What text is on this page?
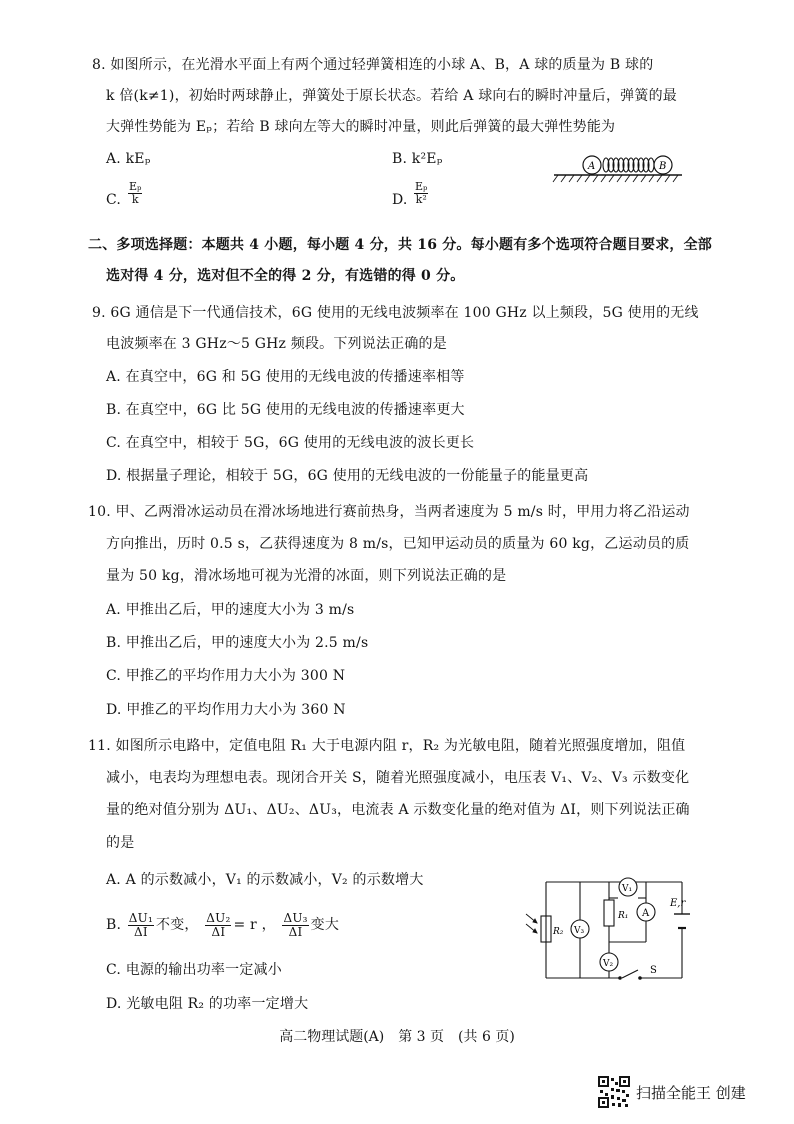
8. 如图所示，在光滑水平面上有两个通过轻弹簧相连的小球 A、B，A 球的质量为 B 球的
k 倍(k≠1)，初始时两球静止，弹簧处于原长状态。若给 A 球向右的瞬时冲量后，弹簧的最
大弹性势能为 Eₚ；若给 B 球向左等大的瞬时冲量，则此后弹簧的最大弹性势能为
A. kEₚ	B. k²Eₚ
C. $\frac{\text{Eₚ}}{k}$	D. $\frac{\text{Eₚ}}{\text{k²}}$
A	B
二、多项选择题：本题共 4 小题，每小题 4 分，共 16 分。每小题有多个选项符合题目要求，全部
选对得 4 分，选对但不全的得 2 分，有选错的得 0 分。
9. 6G 通信是下一代通信技术，6G 使用的无线电波频率在 100 GHz 以上频段，5G 使用的无线
电波频率在 3 GHz～5 GHz 频段。下列说法正确的是
A. 在真空中，6G 和 5G 使用的无线电波的传播速率相等
B. 在真空中，6G 比 5G 使用的无线电波的传播速率更大
C. 在真空中，相较于 5G，6G 使用的无线电波的波长更长
D. 根据量子理论，相较于 5G，6G 使用的无线电波的一份能量子的能量更高
10. 甲、乙两滑冰运动员在滑冰场地进行赛前热身，当两者速度为 5 m/s 时，甲用力将乙沿运动
方向推出，历时 0.5 s，乙获得速度为 8 m/s，已知甲运动员的质量为 60 kg，乙运动员的质
量为 50 kg，滑冰场地可视为光滑的冰面，则下列说法正确的是
A. 甲推出乙后，甲的速度大小为 3 m/s
B. 甲推出乙后，甲的速度大小为 2.5 m/s
C. 甲推乙的平均作用力大小为 300 N
D. 甲推乙的平均作用力大小为 360 N
11. 如图所示电路中，定值电阻 R₁ 大于电源内阻 r，R₂ 为光敏电阻，随着光照强度增加，阻值
减小，电表均为理想电表。现闭合开关 S，随着光照强度减小，电压表 V₁、V₂、V₃ 示数变化
量的绝对值分别为 ΔU₁、ΔU₂、ΔU₃，电流表 A 示数变化量的绝对值为 ΔI，则下列说法正确
的是
A. A 的示数减小，V₁ 的示数减小，V₂ 的示数增大
B. $\frac{\text{ΔU₁}}{\Delta I}$ 不变， $\frac{\text{ΔU₂}}{\Delta I} = r$ ， $\frac{\text{ΔU₃}}{\Delta I}$ 变大
C. 电源的输出功率一定减小
D. 光敏电阻 R₂ 的功率一定增大
V₁
V₃
A
V₂
R₁
R₂
E,r
S
高二物理试题(A)　第 3 页　(共 6 页)
扫描全能王 创建
